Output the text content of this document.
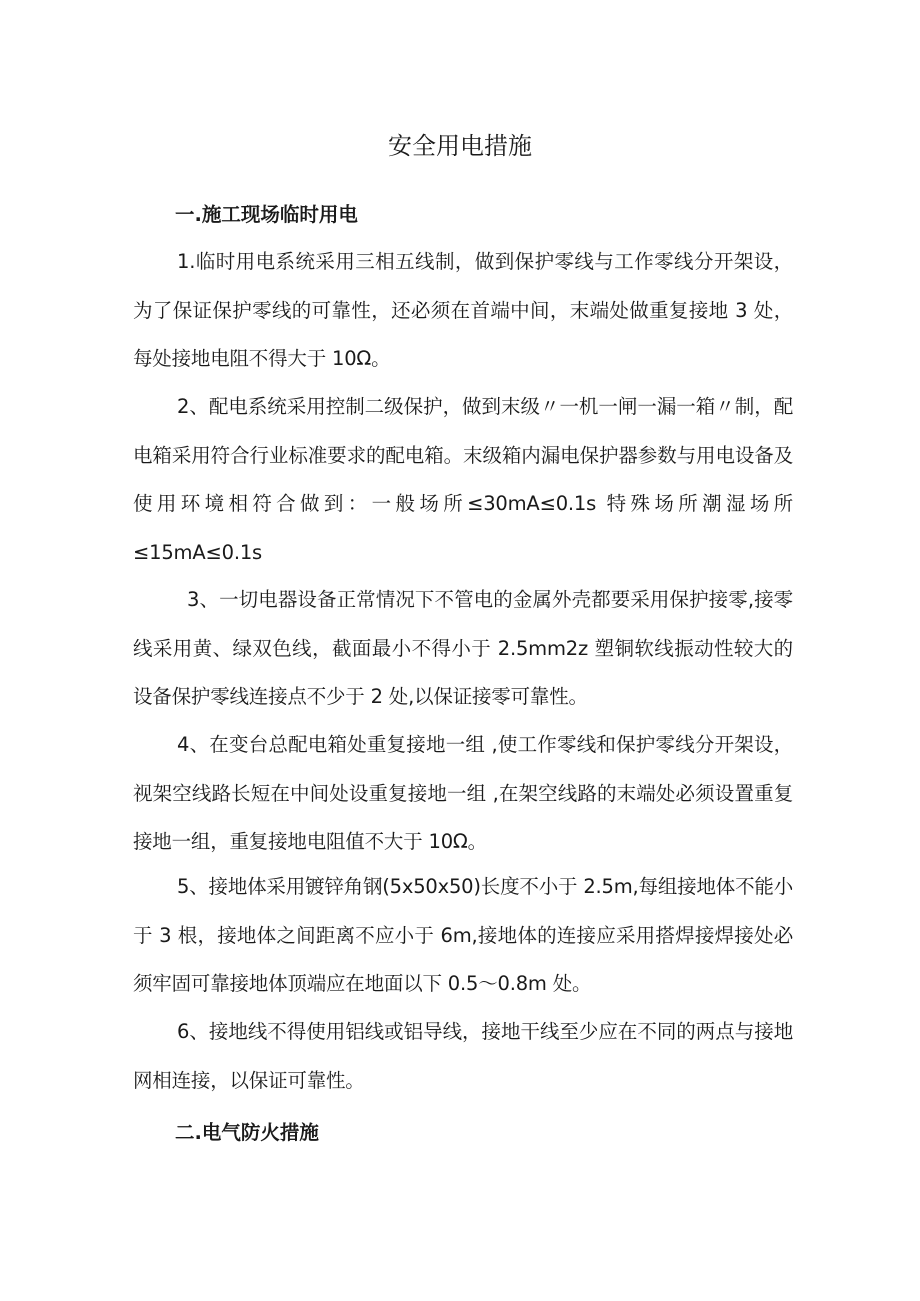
安全用电措施
一.施工现场临时用电

1.临时用电系统采用三相五线制，做到保护零线与工作零线分开架设，为了保证保护零线的可靠性，还必须在首端中间，末端处做重复接地 3 处，每处接地电阻不得大于 10Ω。

2、配电系统采用控制二级保护，做到末级〃一机一闸一漏一箱〃制，配电箱采用符合行业标准要求的配电箱。末级箱内漏电保护器参数与用电设备及使用环境相符合做到：一般场所≤30mA≤0.1s 特殊场所潮湿场所≤15mA≤0.1s

3、一切电器设备正常情况下不管电的金属外壳都要采用保护接零,接零线采用黄、绿双色线，截面最小不得小于 2.5mm2z 塑铜软线振动性较大的设备保护零线连接点不少于 2 处,以保证接零可靠性。

4、在变台总配电箱处重复接地一组 ,使工作零线和保护零线分开架设，视架空线路长短在中间处设重复接地一组 ,在架空线路的末端处必须设置重复接地一组，重复接地电阻值不大于 10Ω。

5、接地体采用镀锌角钢(5x50x50)长度不小于 2.5m,每组接地体不能小于 3 根，接地体之间距离不应小于 6m,接地体的连接应采用搭焊接焊接处必须牢固可靠接地体顶端应在地面以下 0.5〜0.8m 处。

6、接地线不得使用铝线或铝导线，接地干线至少应在不同的两点与接地网相连接，以保证可靠性。

二.电气防火措施
